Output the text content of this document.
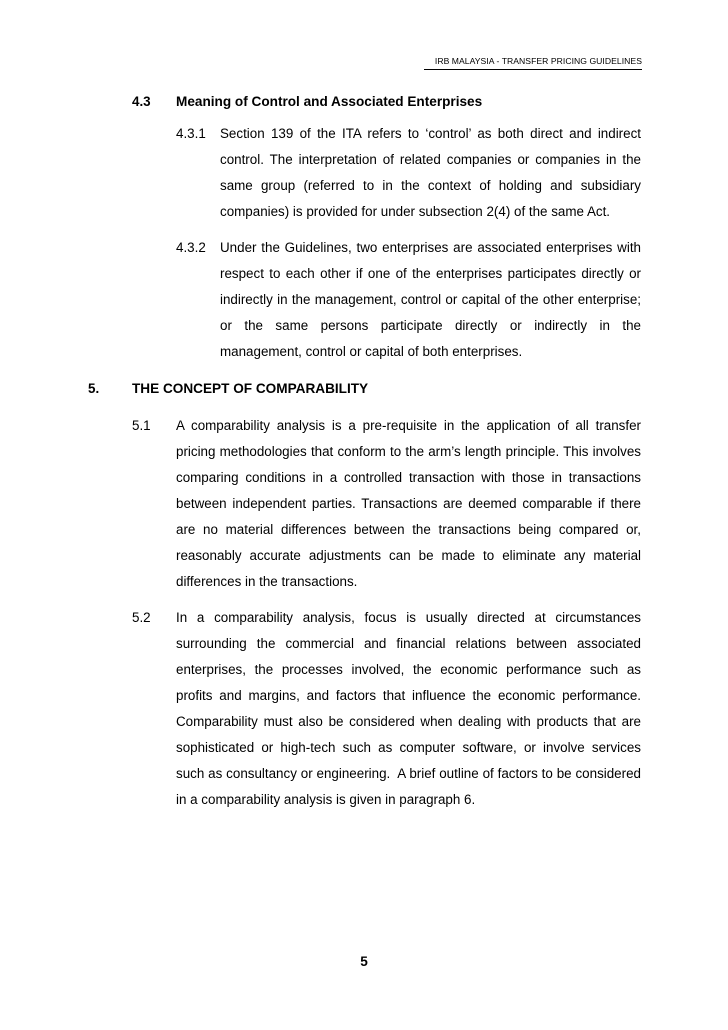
IRB MALAYSIA - TRANSFER PRICING GUIDELINES
4.3 Meaning of Control and Associated Enterprises
4.3.1 Section 139 of the ITA refers to ‘control’ as both direct and indirect control. The interpretation of related companies or companies in the same group (referred to in the context of holding and subsidiary companies) is provided for under subsection 2(4) of the same Act.

4.3.2 Under the Guidelines, two enterprises are associated enterprises with respect to each other if one of the enterprises participates directly or indirectly in the management, control or capital of the other enterprise; or the same persons participate directly or indirectly in the management, control or capital of both enterprises.

5. THE CONCEPT OF COMPARABILITY
5.1 A comparability analysis is a pre-requisite in the application of all transfer pricing methodologies that conform to the arm’s length principle. This involves comparing conditions in a controlled transaction with those in transactions between independent parties. Transactions are deemed comparable if there are no material differences between the transactions being compared or, reasonably accurate adjustments can be made to eliminate any material differences in the transactions.

5.2 In a comparability analysis, focus is usually directed at circumstances surrounding the commercial and financial relations between associated enterprises, the processes involved, the economic performance such as profits and margins, and factors that influence the economic performance. Comparability must also be considered when dealing with products that are sophisticated or high-tech such as computer software, or involve services such as consultancy or engineering.  A brief outline of factors to be considered in a comparability analysis is given in paragraph 6.

5
